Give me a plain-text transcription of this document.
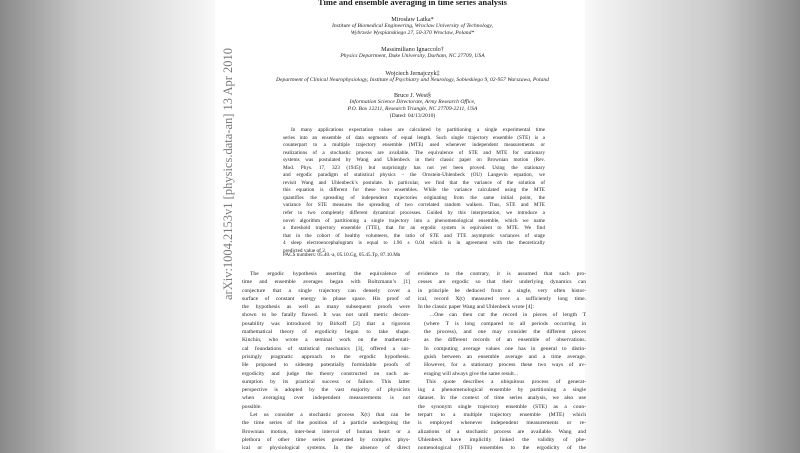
arXiv:1004.2153v1 [physics.data-an] 13 Apr 2010
Time and ensemble averaging in time series analysis
Mirosław Latka*
Institute of Biomedical Engineering, Wroclaw University of Technology,
Wybrzeże Wyspianskiego 27, 50-370 Wroclaw, Poland*
Massimiliano Ignaccolo†
Physics Department, Duke University, Durham, NC 27709, USA
Wojciech Jernajczyk‡
Department of Clinical Neurophysiology, Institute of Psychiatry and Neurology, Sobieskiego 9, 02-957 Warszawa, Poland
Bruce J. West§
Information Science Directorate, Army Research Office,
P.O. Box 12211, Research Triangle, NC 27709-2211, USA
(Dated: 04/13/2010)
In many applications expectation values are calculated by partitioning a single experimental time
series into an ensemble of data segments of equal length. Such single trajectory ensemble (STE) is a
counterpart to a multiple trajectory ensemble (MTE) used whenever independent measurements or
realizations of a stochastic process are available. The equivalence of STE and MTE for stationary
systems was postulated by Wang and Uhlenbeck in their classic paper on Brownian motion (Rev.
Mod. Phys. 17, 323 (1945)) but surprisingly has not yet been proved. Using the stationary
and ergodic paradigm of statistical physics – the Ornstein-Uhlenbeck (OU) Langevin equation, we
revisit Wang and Uhlenbeck’s postulate. In particular, we find that the variance of the solution of
this equation is different for these two ensembles. While the variance calculated using the MTE
quantifies the spreading of independent trajectories originating from the same initial point, the
variance for STE measures the spreading of two correlated random walkers. Thus, STE and MTE
refer to two completely different dynamical processes. Guided by this interpretation, we introduce a
novel algorithm of partitioning a single trajectory into a phenomenological ensemble, which we name
a threshold trajectory ensemble (TTE), that for an ergodic system is equivalent to MTE. We find
that in the cohort of healthy volunteers, the ratio of STE and TTE asymptotic variances of stage
4 sleep electroencephalogram is equal to 1.96 ± 0.04 which is in agreement with the theoretically
predicted value of 2.
PACS numbers: 05.40.-a, 05.10.Gg, 05.45.Tp, 87.10.Mn
The ergodic hypothesis asserting the equivalence of
time and ensemble averages began with Boltzmann’s [1]
conjecture that a single trajectory can densely cover a
surface of constant energy in phase space. His proof of
the hypothesis as well as many subsequent proofs were
shown to be fatally flawed. It was not until metric decom-
posability was introduced by Birkoff [2] that a rigorous
mathematical theory of ergodicity began to take shape.
Kinchin, who wrote a seminal work on the mathemati-
cal foundations of statistical mechanics [3], offered a sur-
prisingly pragmatic approach to the ergodic hypothesis.
He proposed to sidestep potentially formidable proofs of
ergodicity and judge the theory constructed on such as-
sumption by its practical success or failure. This latter
perspective is adopted by the vast majority of physicists
when averaging over independent measurements is not
possible.
Let us consider a stochastic process X(t) that can be
the time series of the position of a particle undergoing the
Brownian motion, inter-beat interval of human heart or a
plethora of other time series generated by complex phys-
ical or physiological systems. In the absence of direct
evidence to the contrary, it is assumed that such pro-
cesses are ergodic so that their underlying dynamics can
in principle be deduced from a single, very often histor-
ical, record X(t) measured over a sufficiently long time.
In the classic paper Wang and Uhlenbeck wrote [4]:
...One can then cut the record in pieces of length T
(where T is long compared to all periods occurring in
the process), and one may consider the different pieces
as the different records of an ensemble of observations.
In computing average values one has in general to distin-
guish between an ensemble average and a time average.
However, for a stationary process these two ways of av-
eraging will always give the same result...
This quote describes a ubiquitous process of generat-
ing a phenomenological ensemble by partitioning a single
dataset. In the context of time series analysis, we also use
the synonym single trajectory ensemble (STE) as a coun-
terpart to a multiple trajectory ensemble (MTE) which
is employed whenever independent measurements or re-
alizations of a stochastic process are available. Wang and
Uhlenbeck have implicitly linked the validity of phe-
nomenological (STE) ensembles to the ergodicity of the
